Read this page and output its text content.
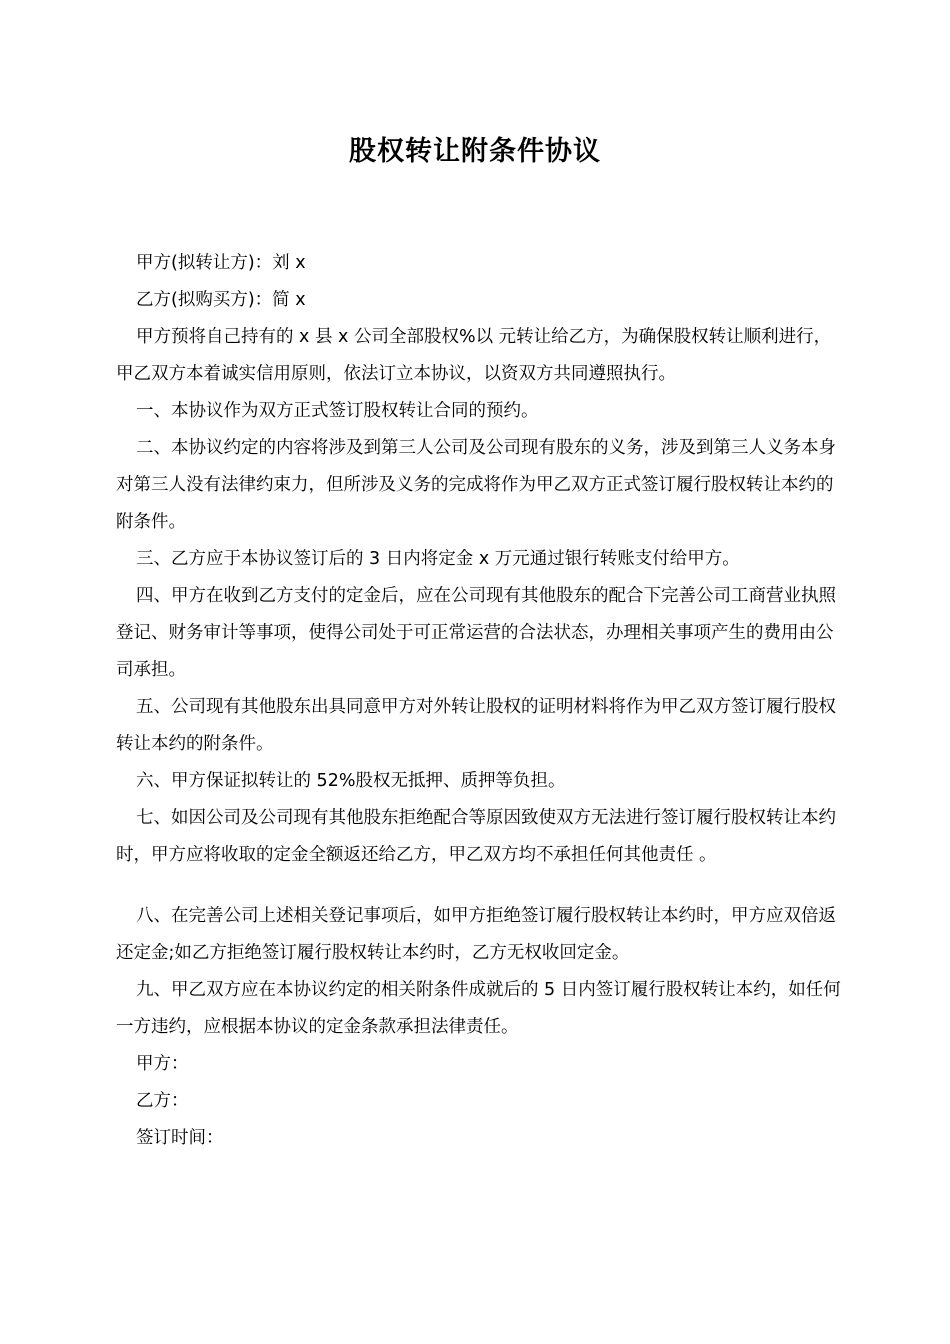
股权转让附条件协议

甲方(拟转让方)：刘 x

乙方(拟购买方)：简 x

甲方预将自己持有的 x 县 x 公司全部股权%以 元转让给乙方，为确保股权转让顺利进行，甲乙双方本着诚实信用原则，依法订立本协议，以资双方共同遵照执行。

一、本协议作为双方正式签订股权转让合同的预约。

二、本协议约定的内容将涉及到第三人公司及公司现有股东的义务，涉及到第三人义务本身对第三人没有法律约束力，但所涉及义务的完成将作为甲乙双方正式签订履行股权转让本约的附条件。

三、乙方应于本协议签订后的 3 日内将定金 x 万元通过银行转账支付给甲方。

四、甲方在收到乙方支付的定金后，应在公司现有其他股东的配合下完善公司工商营业执照登记、财务审计等事项，使得公司处于可正常运营的合法状态，办理相关事项产生的费用由公司承担。

五、公司现有其他股东出具同意甲方对外转让股权的证明材料将作为甲乙双方签订履行股权转让本约的附条件。

六、甲方保证拟转让的 52%股权无抵押、质押等负担。

七、如因公司及公司现有其他股东拒绝配合等原因致使双方无法进行签订履行股权转让本约时，甲方应将收取的定金全额返还给乙方，甲乙双方均不承担任何其他责任 。

八、在完善公司上述相关登记事项后，如甲方拒绝签订履行股权转让本约时，甲方应双倍返还定金;如乙方拒绝签订履行股权转让本约时，乙方无权收回定金。

九、甲乙双方应在本协议约定的相关附条件成就后的 5 日内签订履行股权转让本约，如任何一方违约，应根据本协议的定金条款承担法律责任。

甲方：

乙方：

签订时间：
